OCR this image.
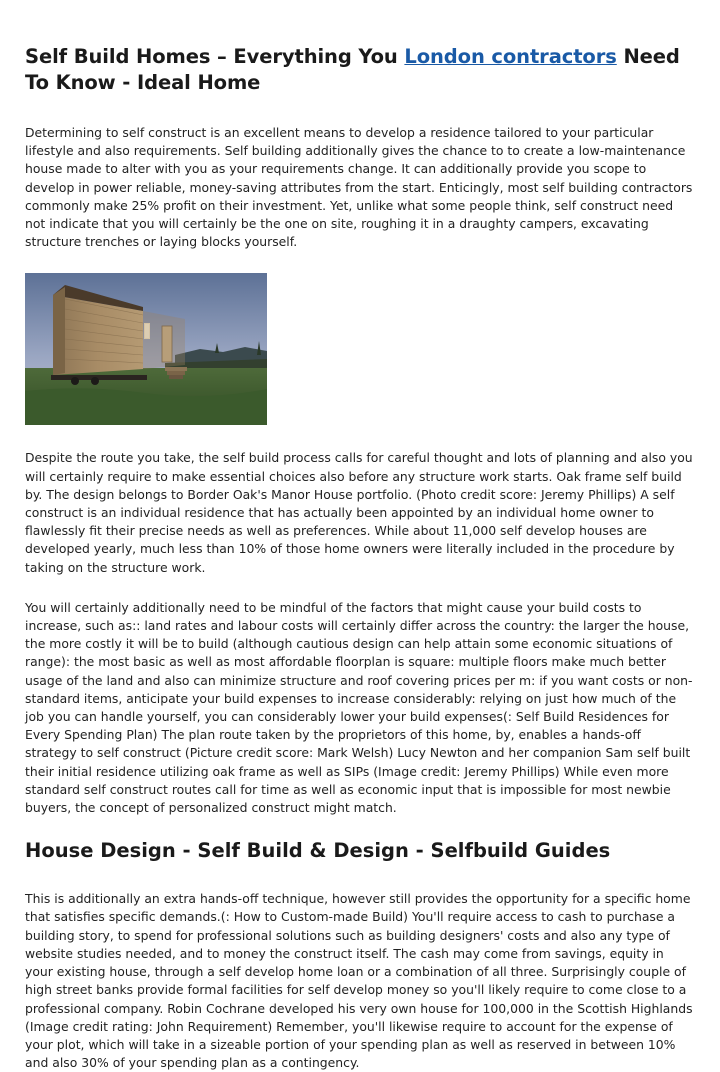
Self Build Homes – Everything You London contractors Need To Know - Ideal Home

Determining to self construct is an excellent means to develop a residence tailored to your particular lifestyle and also requirements. Self building additionally gives the chance to to create a low-maintenance house made to alter with you as your requirements change. It can additionally provide you scope to develop in power reliable, money-saving attributes from the start. Enticingly, most self building contractors commonly make 25% profit on their investment. Yet, unlike what some people think, self construct need not indicate that you will certainly be the one on site, roughing it in a draughty campers, excavating structure trenches or laying blocks yourself.

Despite the route you take, the self build process calls for careful thought and lots of planning and also you will certainly require to make essential choices also before any structure work starts. Oak frame self build by. The design belongs to Border Oak's Manor House portfolio. (Photo credit score: Jeremy Phillips) A self construct is an individual residence that has actually been appointed by an individual home owner to flawlessly fit their precise needs as well as preferences. While about 11,000 self develop houses are developed yearly, much less than 10% of those home owners were literally included in the procedure by taking on the structure work.

You will certainly additionally need to be mindful of the factors that might cause your build costs to increase, such as:: land rates and labour costs will certainly differ across the country: the larger the house, the more costly it will be to build (although cautious design can help attain some economic situations of range): the most basic as well as most affordable floorplan is square: multiple floors make much better usage of the land and also can minimize structure and roof covering prices per m: if you want costs or non-standard items, anticipate your build expenses to increase considerably: relying on just how much of the job you can handle yourself, you can considerably lower your build expenses(: Self Build Residences for Every Spending Plan) The plan route taken by the proprietors of this home, by, enables a hands-off strategy to self construct (Picture credit score: Mark Welsh) Lucy Newton and her companion Sam self built their initial residence utilizing oak frame as well as SIPs (Image credit: Jeremy Phillips) While even more standard self construct routes call for time as well as economic input that is impossible for most newbie buyers, the concept of personalized construct might match.

House Design - Self Build & Design - Selfbuild Guides

This is additionally an extra hands-off technique, however still provides the opportunity for a specific home that satisfies specific demands.(: How to Custom-made Build) You'll require access to cash to purchase a building story, to spend for professional solutions such as building designers' costs and also any type of website studies needed, and to money the construct itself. The cash may come from savings, equity in your existing house, through a self develop home loan or a combination of all three. Surprisingly couple of high street banks provide formal facilities for self develop money so you'll likely require to come close to a professional company. Robin Cochrane developed his very own house for 100,000 in the Scottish Highlands (Image credit rating: John Requirement) Remember, you'll likewise require to account for the expense of your plot, which will take in a sizeable portion of your spending plan as well as reserved in between 10% and also 30% of your spending plan as a contingency.
